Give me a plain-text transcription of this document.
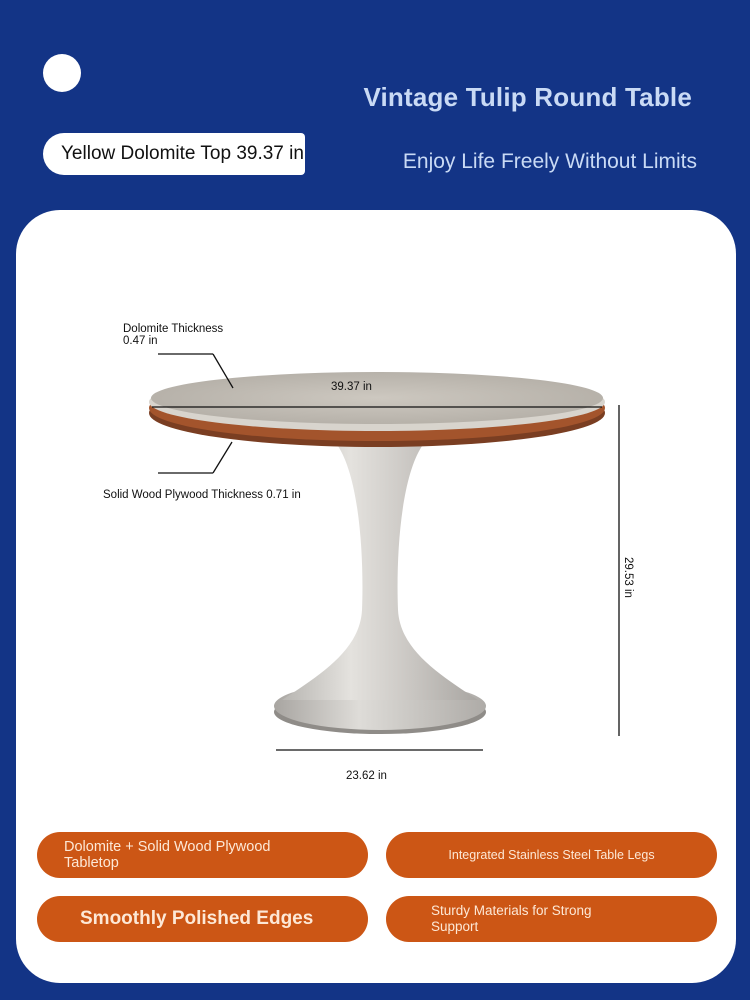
Vintage Tulip Round Table
Enjoy Life Freely Without Limits
Yellow Dolomite Top 39.37 in
Dolomite Thickness
0.47 in
39.37 in
Solid Wood Plywood Thickness 0.71 in
29.53 in
23.62 in
Dolomite + Solid Wood Plywood Tabletop	Integrated Stainless Steel Table Legs
Smoothly Polished Edges	Sturdy Materials for Strong Support
